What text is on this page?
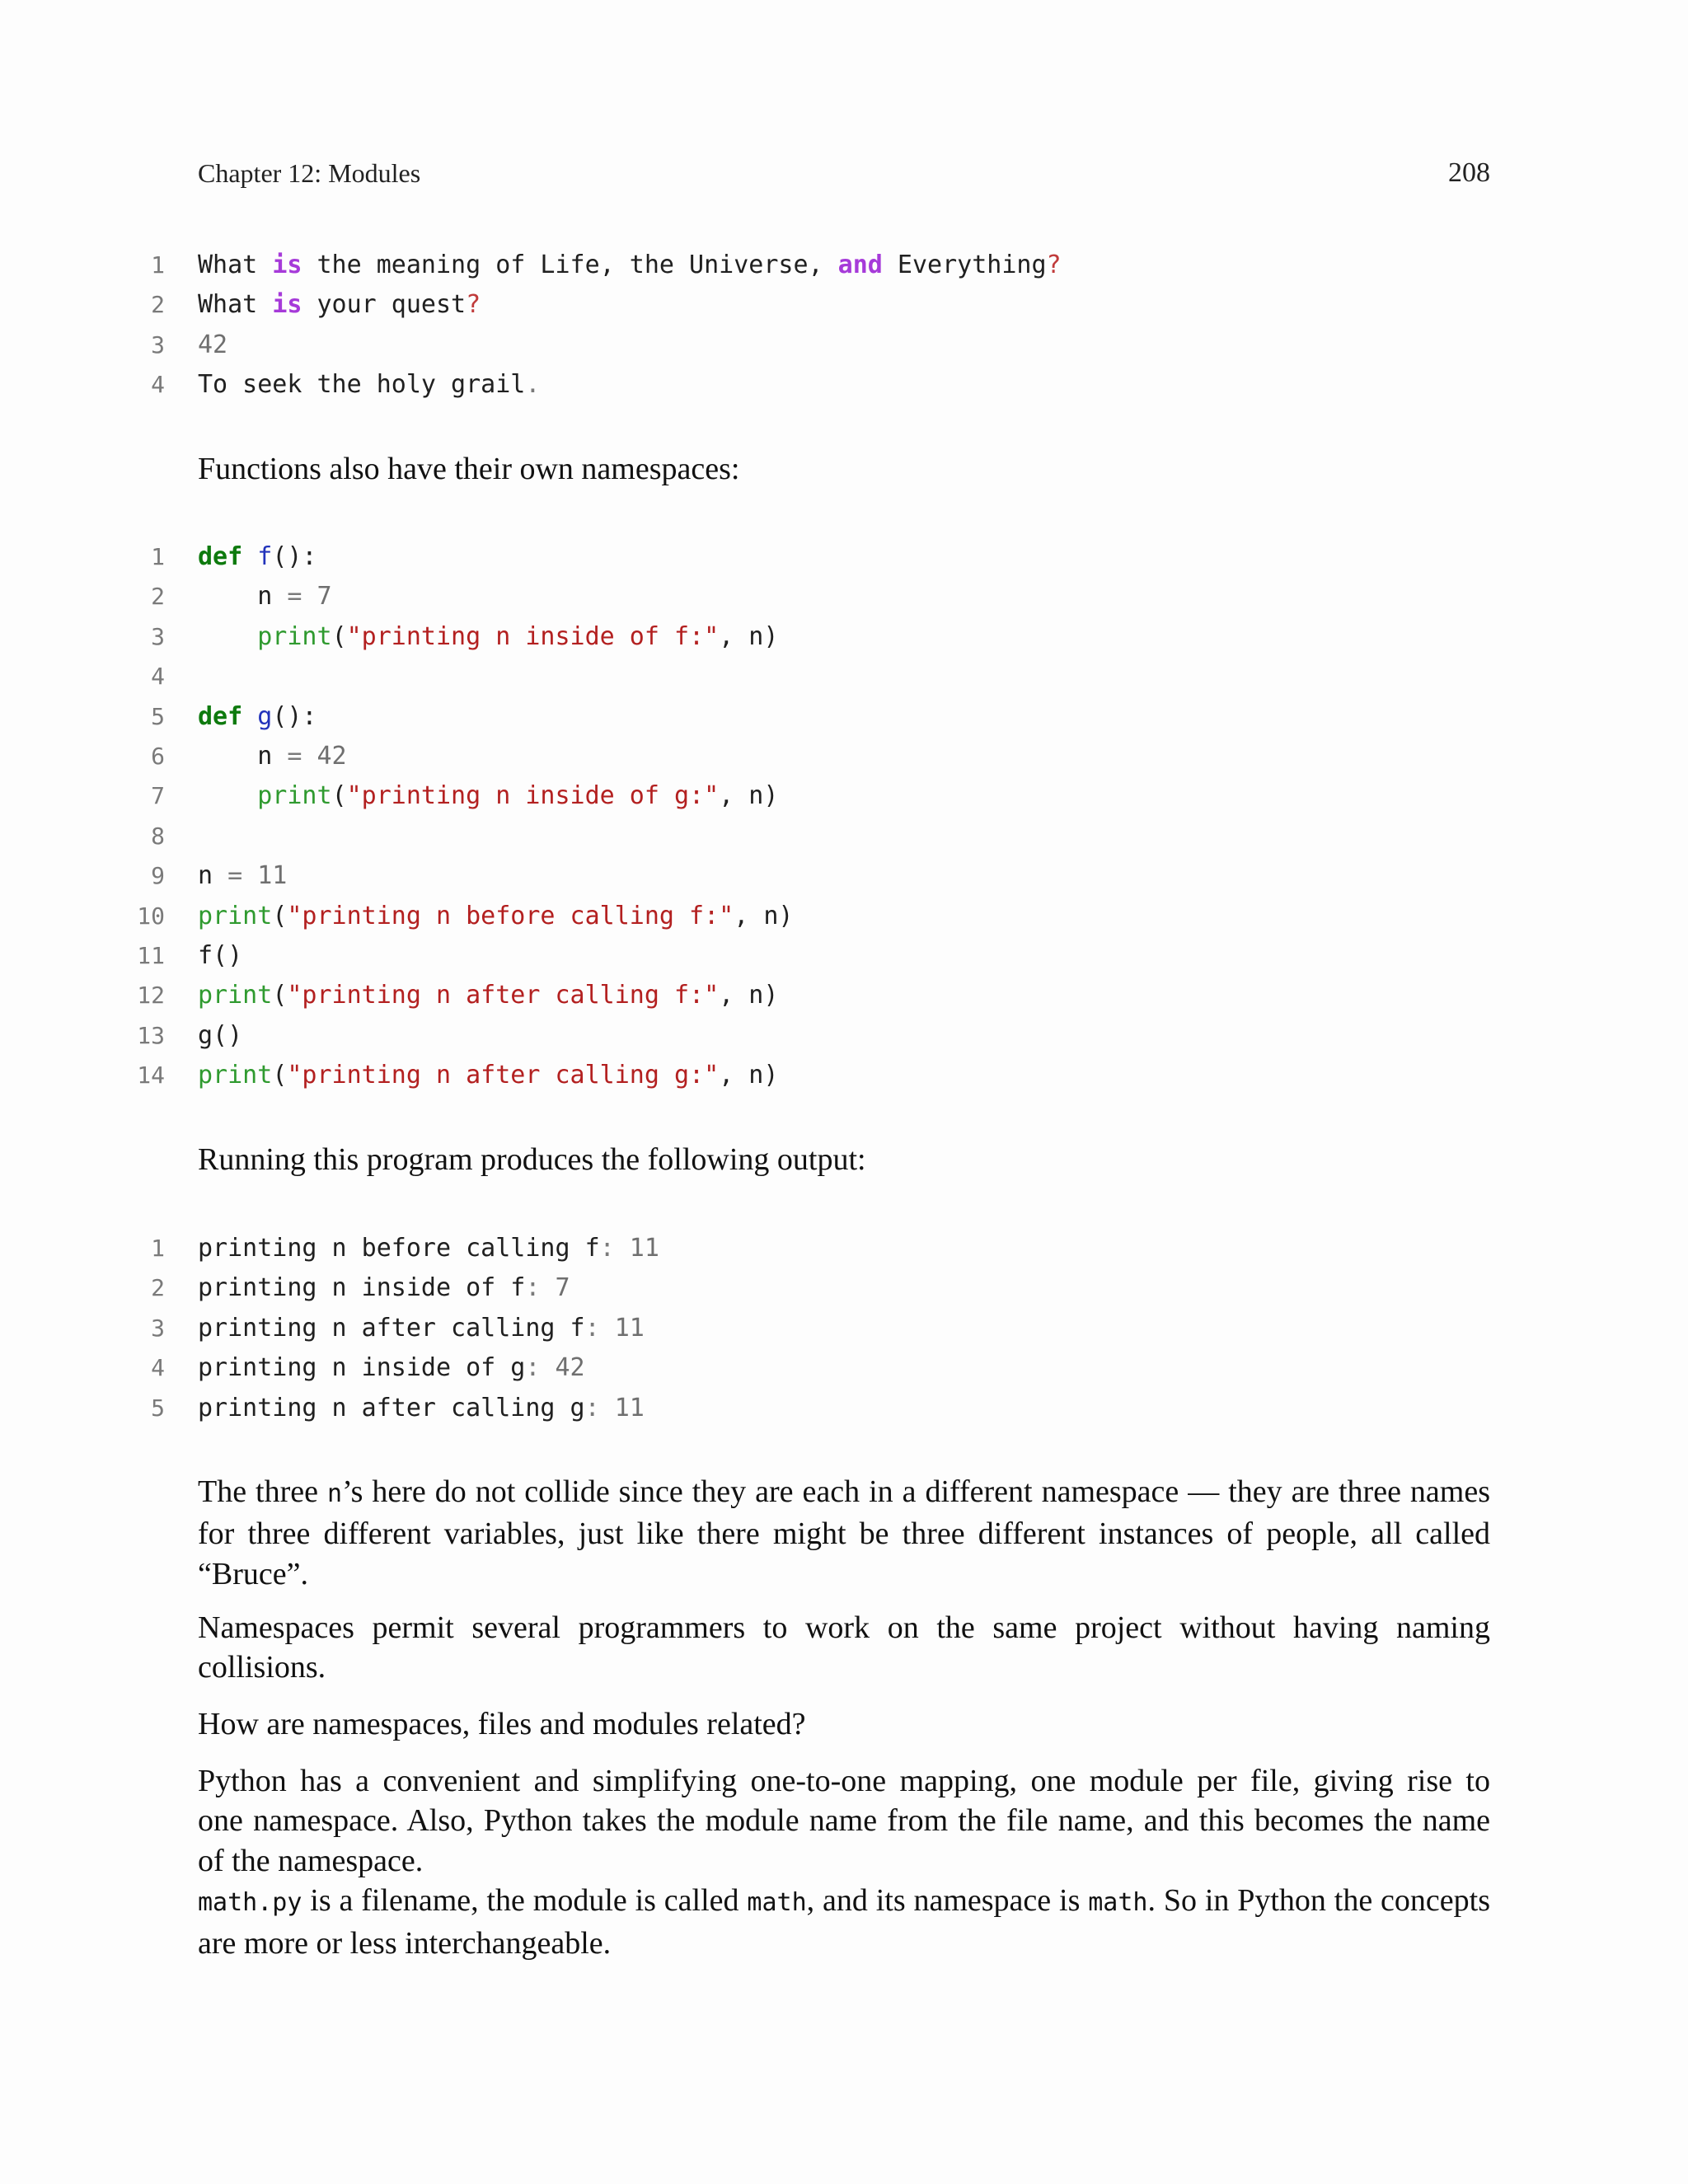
Chapter 12: Modules	208
1 What is the meaning of Life, the Universe, and Everything?
2 What is your quest?
3 42
4 To seek the holy grail.
Functions also have their own namespaces:
1 def f():
2 n = 7
3	print("printing n inside of f:", n)
4
5 def g():
6 n = 42
7	print("printing n inside of g:", n)
8
9 n = 11
10 print("printing n before calling f:", n)
11 f()
12 print("printing n after calling f:", n)
13 g()
14 print("printing n after calling g:", n)
Running this program produces the following output:
1 printing n before calling f: 11
2 printing n inside of f: 7
3 printing n after calling f: 11
4 printing n inside of g: 42
5 printing n after calling g: 11
The three n’s here do not collide since they are each in a different namespace — they are three names
for three different variables, just like there might be three different instances of people, all called
“Bruce”.
Namespaces permit several programmers to work on the same project without having naming
collisions.
How are namespaces, files and modules related?
Python has a convenient and simplifying one-to-one mapping, one module per file, giving rise to
one namespace. Also, Python takes the module name from the file name, and this becomes the name
of the namespace.
math.py is a filename, the module is called math, and its namespace is math. So in Python the concepts
are more or less interchangeable.
